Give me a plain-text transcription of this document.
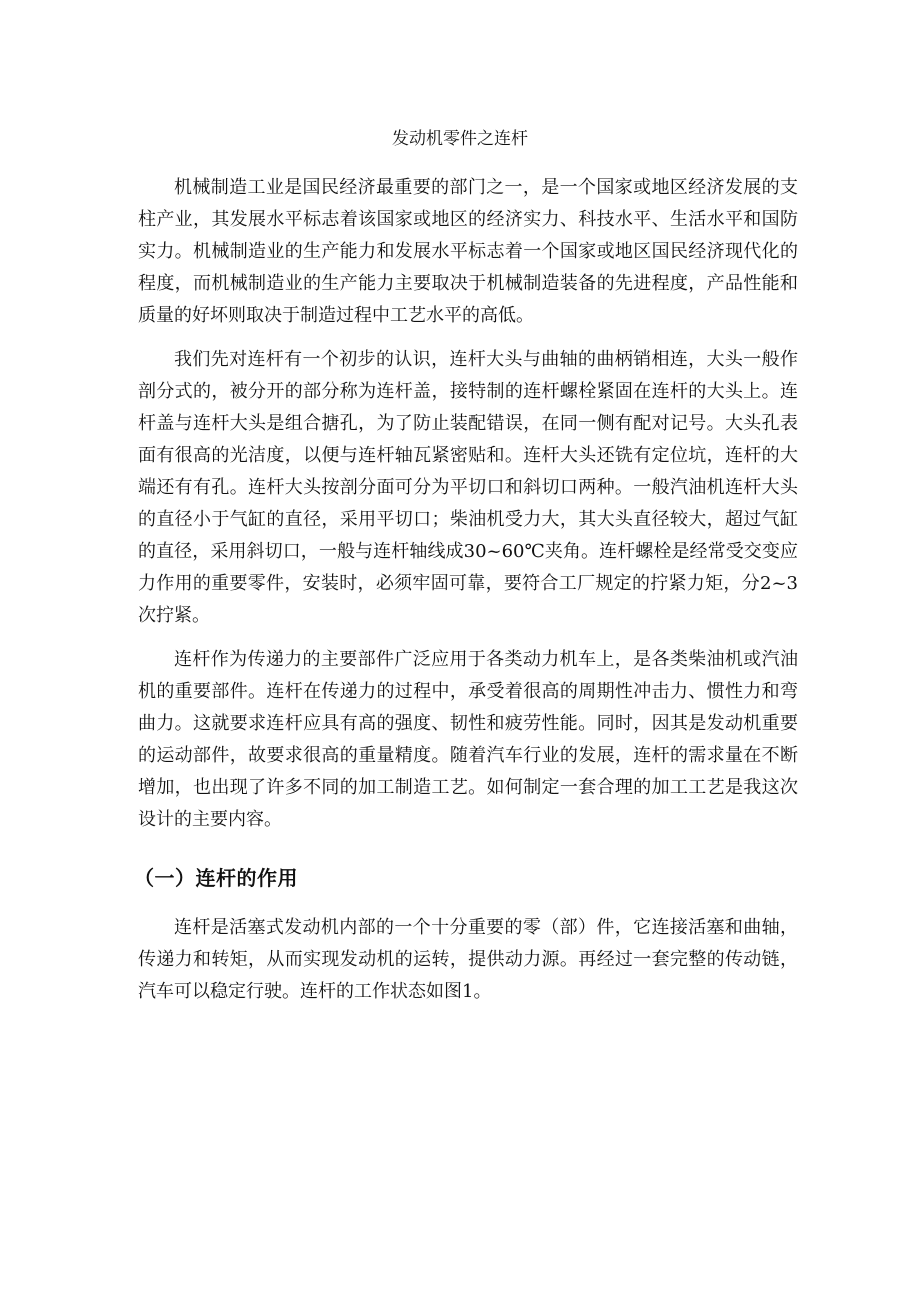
发动机零件之连杆

机械制造工业是国民经济最重要的部门之一，是一个国家或地区经济发展的支柱产业，其发展水平标志着该国家或地区的经济实力、科技水平、生活水平和国防实力。机械制造业的生产能力和发展水平标志着一个国家或地区国民经济现代化的程度，而机械制造业的生产能力主要取决于机械制造装备的先进程度，产品性能和质量的好坏则取决于制造过程中工艺水平的高低。

我们先对连杆有一个初步的认识，连杆大头与曲轴的曲柄销相连，大头一般作剖分式的，被分开的部分称为连杆盖，接特制的连杆螺栓紧固在连杆的大头上。连杆盖与连杆大头是组合搪孔，为了防止装配错误，在同一侧有配对记号。大头孔表面有很高的光洁度，以便与连杆轴瓦紧密贴和。连杆大头还铣有定位坑，连杆的大端还有有孔。连杆大头按剖分面可分为平切口和斜切口两种。一般汽油机连杆大头的直径小于气缸的直径，采用平切口；柴油机受力大，其大头直径较大，超过气缸的直径，采用斜切口，一般与连杆轴线成30~60℃夹角。连杆螺栓是经常受交变应力作用的重要零件，安装时，必须牢固可靠，要符合工厂规定的拧紧力矩，分2~3次拧紧。

连杆作为传递力的主要部件广泛应用于各类动力机车上，是各类柴油机或汽油机的重要部件。连杆在传递力的过程中，承受着很高的周期性冲击力、惯性力和弯曲力。这就要求连杆应具有高的强度、韧性和疲劳性能。同时，因其是发动机重要的运动部件，故要求很高的重量精度。随着汽车行业的发展，连杆的需求量在不断增加，也出现了许多不同的加工制造工艺。如何制定一套合理的加工工艺是我这次设计的主要内容。

（一）连杆的作用

连杆是活塞式发动机内部的一个十分重要的零（部）件，它连接活塞和曲轴，传递力和转矩，从而实现发动机的运转，提供动力源。再经过一套完整的传动链，汽车可以稳定行驶。连杆的工作状态如图1。
